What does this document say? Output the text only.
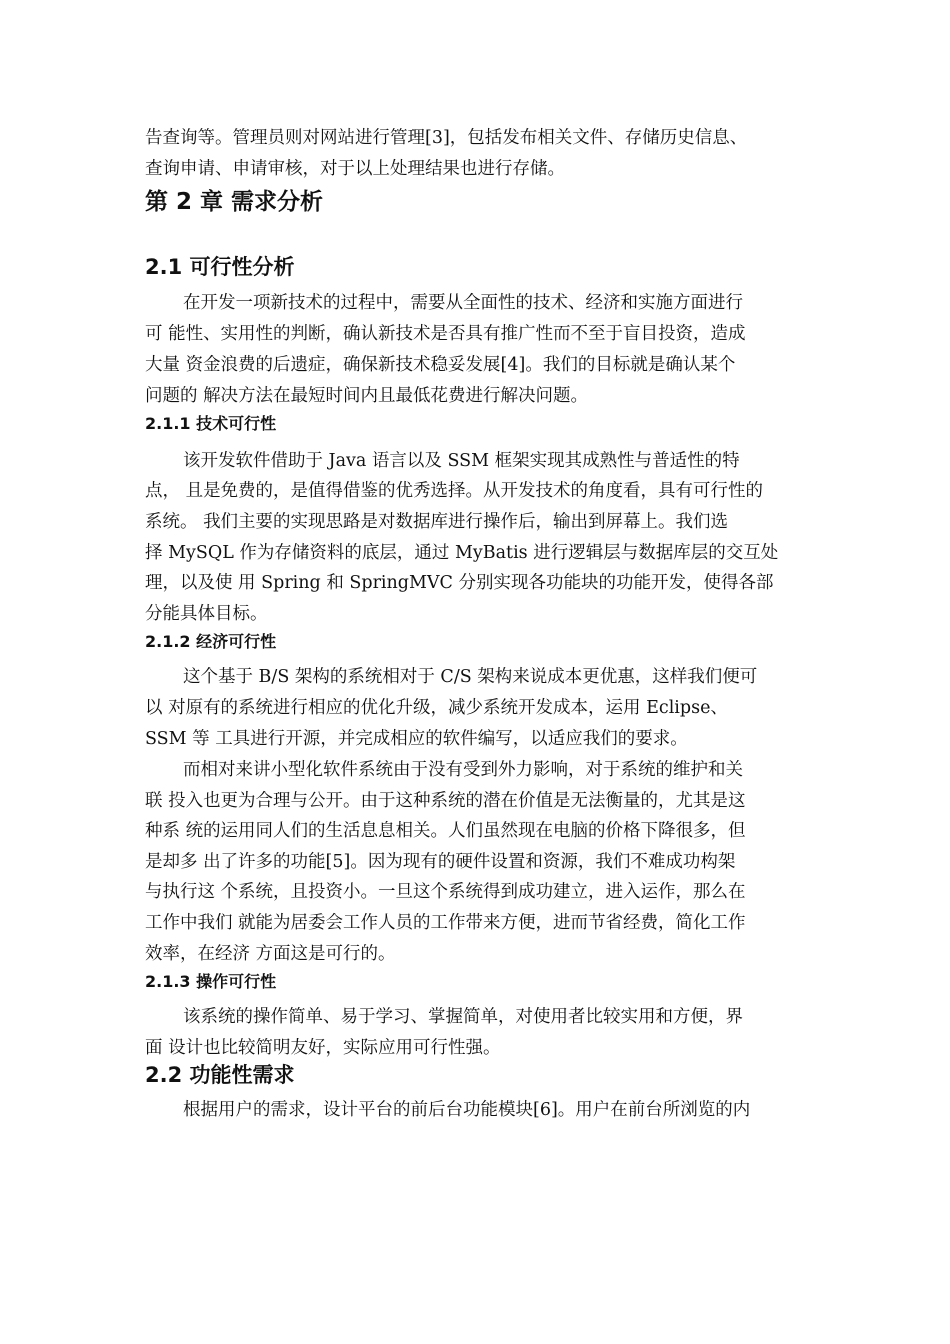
告查询等。管理员则对网站进行管理[3]，包括发布相关文件、存储历史信息、
查询申请、申请审核，对于以上处理结果也进行存储。
第 2 章 需求分析
2.1 可行性分析
在开发一项新技术的过程中，需要从全面性的技术、经济和实施方面进行
可 能性、实用性的判断，确认新技术是否具有推广性而不至于盲目投资，造成
大量 资金浪费的后遗症，确保新技术稳妥发展[4]。我们的目标就是确认某个
问题的 解决方法在最短时间内且最低花费进行解决问题。
2.1.1 技术可行性
该开发软件借助于 Java 语言以及 SSM 框架实现其成熟性与普适性的特
点， 且是免费的，是值得借鉴的优秀选择。从开发技术的角度看，具有可行性的
系统。 我们主要的实现思路是对数据库进行操作后，输出到屏幕上。我们选
择 MySQL 作为存储资料的底层，通过 MyBatis 进行逻辑层与数据库层的交互处
理，以及使 用 Spring 和 SpringMVC 分别实现各功能块的功能开发，使得各部
分能具体目标。
2.1.2 经济可行性
这个基于 B/S 架构的系统相对于 C/S 架构来说成本更优惠，这样我们便可
以 对原有的系统进行相应的优化升级，减少系统开发成本，运用 Eclipse、
SSM 等 工具进行开源，并完成相应的软件编写，以适应我们的要求。
而相对来讲小型化软件系统由于没有受到外力影响，对于系统的维护和关
联 投入也更为合理与公开。由于这种系统的潜在价值是无法衡量的，尤其是这
种系 统的运用同人们的生活息息相关。人们虽然现在电脑的价格下降很多，但
是却多 出了许多的功能[5]。因为现有的硬件设置和资源，我们不难成功构架
与执行这 个系统，且投资小。一旦这个系统得到成功建立，进入运作，那么在
工作中我们 就能为居委会工作人员的工作带来方便，进而节省经费，简化工作
效率，在经济 方面这是可行的。
2.1.3 操作可行性
该系统的操作简单、易于学习、掌握简单，对使用者比较实用和方便，界
面 设计也比较简明友好，实际应用可行性强。
2.2 功能性需求
根据用户的需求，设计平台的前后台功能模块[6]。用户在前台所浏览的内
